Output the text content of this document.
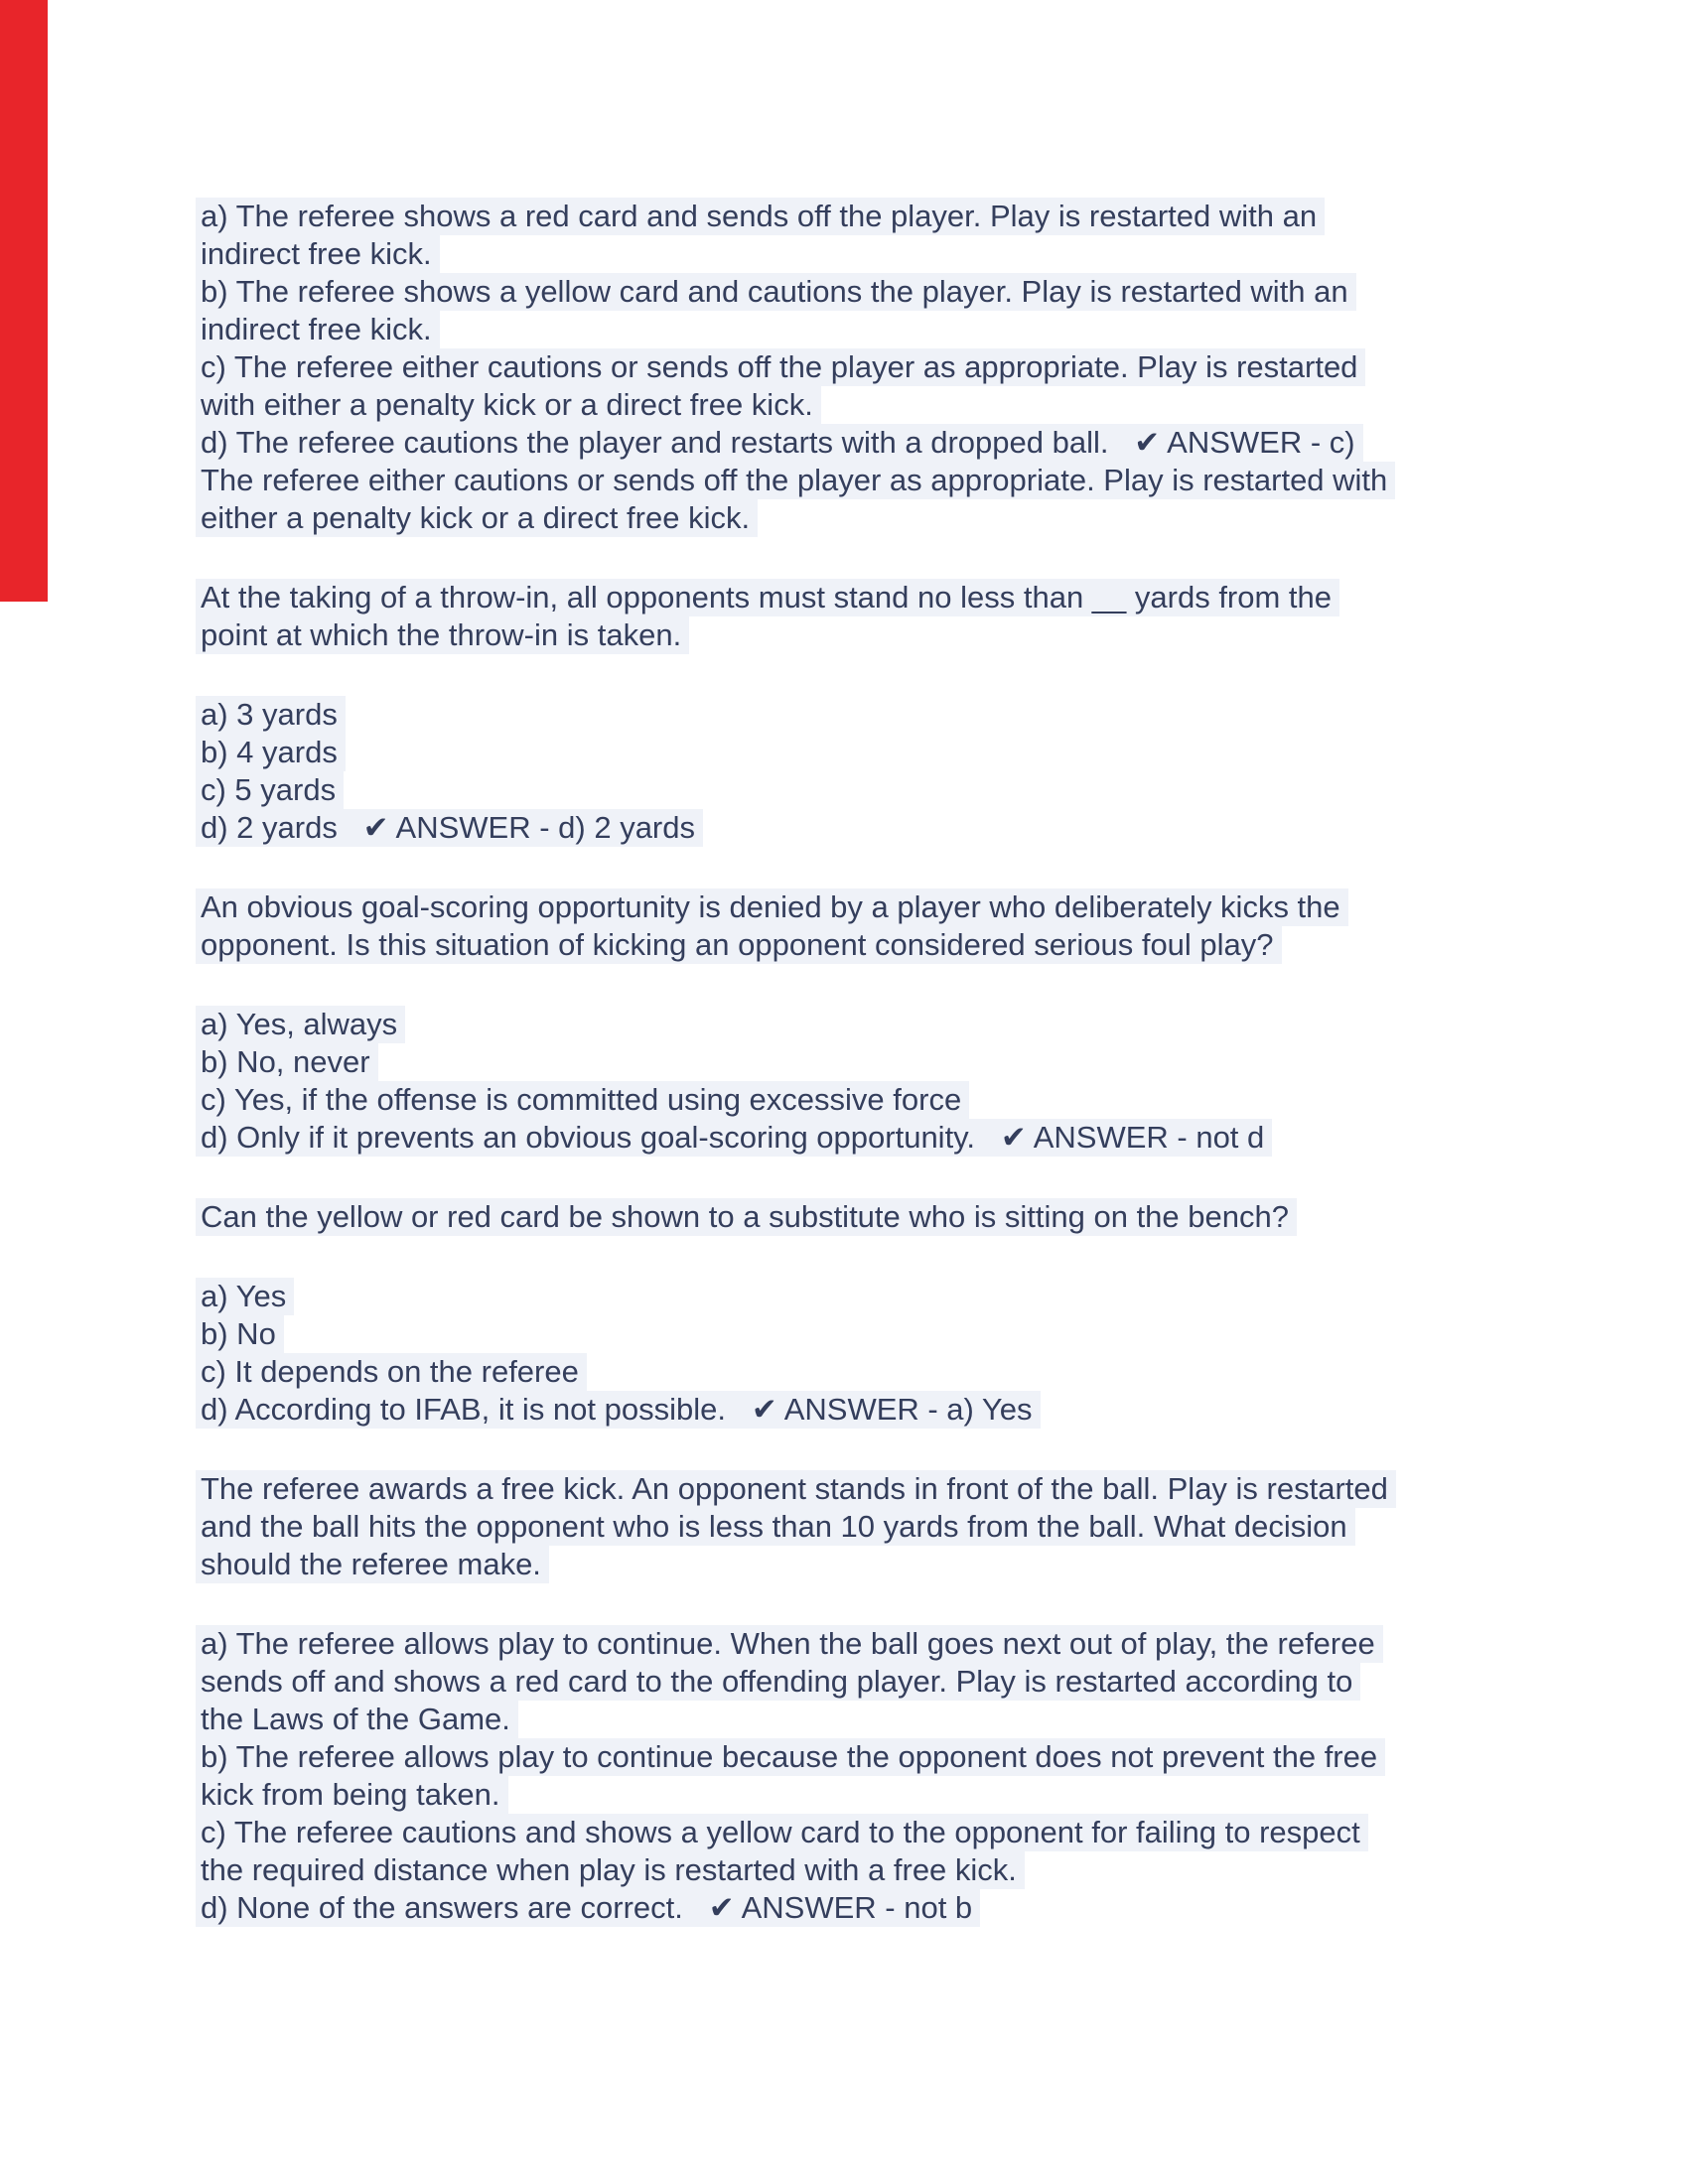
a) The referee shows a red card and sends off the player. Play is restarted with an
indirect free kick.
b) The referee shows a yellow card and cautions the player. Play is restarted with an
indirect free kick.
c) The referee either cautions or sends off the player as appropriate. Play is restarted
with either a penalty kick or a direct free kick.
d) The referee cautions the player and restarts with a dropped ball.   ✔ ANSWER - c)
The referee either cautions or sends off the player as appropriate. Play is restarted with
either a penalty kick or a direct free kick.
At the taking of a throw-in, all opponents must stand no less than __ yards from the
point at which the throw-in is taken.
a) 3 yards
b) 4 yards
c) 5 yards
d) 2 yards   ✔ ANSWER - d) 2 yards
An obvious goal-scoring opportunity is denied by a player who deliberately kicks the
opponent. Is this situation of kicking an opponent considered serious foul play?
a) Yes, always
b) No, never
c) Yes, if the offense is committed using excessive force
d) Only if it prevents an obvious goal-scoring opportunity.   ✔ ANSWER - not d
Can the yellow or red card be shown to a substitute who is sitting on the bench?
a) Yes
b) No
c) It depends on the referee
d) According to IFAB, it is not possible.   ✔ ANSWER - a) Yes
The referee awards a free kick. An opponent stands in front of the ball. Play is restarted
and the ball hits the opponent who is less than 10 yards from the ball. What decision
should the referee make.
a) The referee allows play to continue. When the ball goes next out of play, the referee
sends off and shows a red card to the offending player. Play is restarted according to
the Laws of the Game.
b) The referee allows play to continue because the opponent does not prevent the free
kick from being taken.
c) The referee cautions and shows a yellow card to the opponent for failing to respect
the required distance when play is restarted with a free kick.
d) None of the answers are correct.   ✔ ANSWER - not b
